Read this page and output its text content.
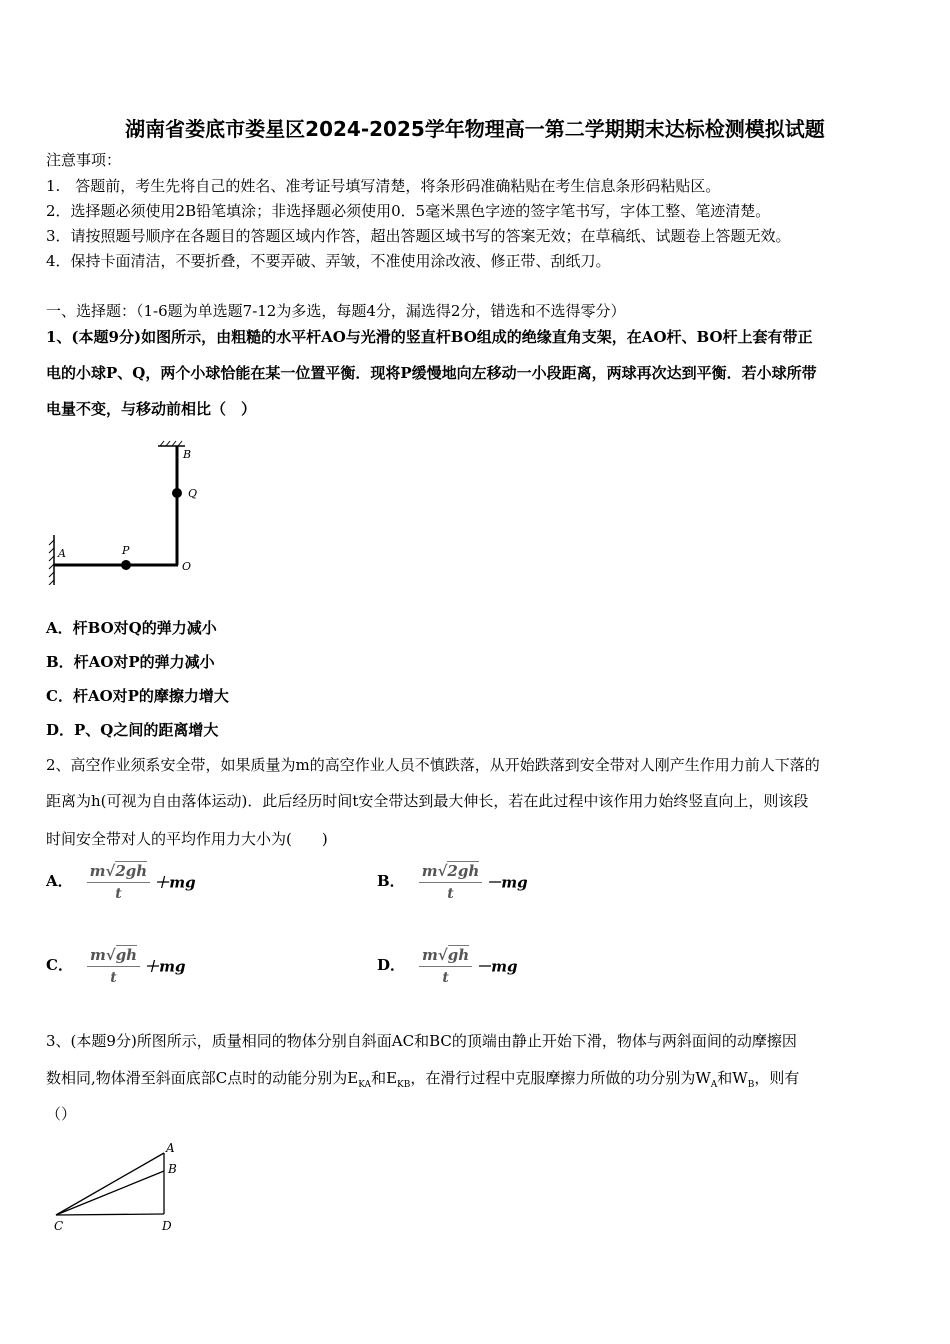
湖南省娄底市娄星区2024-2025学年物理高一第二学期期末达标检测模拟试题
注意事项：
1.　答题前，考生先将自己的姓名、准考证号填写清楚，将条形码准确粘贴在考生信息条形码粘贴区。
2．选择题必须使用2B铅笔填涂；非选择题必须使用0．5毫米黑色字迹的签字笔书写，字体工整、笔迹清楚。
3．请按照题号顺序在各题目的答题区域内作答，超出答题区域书写的答案无效；在草稿纸、试题卷上答题无效。
4．保持卡面清洁，不要折叠，不要弄破、弄皱，不准使用涂改液、修正带、刮纸刀。
一、选择题：（1-6题为单选题7-12为多选，每题4分，漏选得2分，错选和不选得零分）
1、(本题9分)如图所示，由粗糙的水平杆AO与光滑的竖直杆BO组成的绝缘直角支架，在AO杆、BO杆上套有带正
电的小球P、Q，两个小球恰能在某一位置平衡．现将P缓慢地向左移动一小段距离，两球再次达到平衡．若小球所带
电量不变，与移动前相比（　）
B
Q
A	P
O
A．杆BO对Q的弹力减小
B．杆AO对P的弹力减小
C．杆AO对P的摩擦力增大
D．P、Q之间的距离增大
2、高空作业须系安全带，如果质量为m的高空作业人员不慎跌落，从开始跌落到安全带对人刚产生作用力前人下落的
距离为h(可视为自由落体运动)．此后经历时间t安全带达到最大伸长，若在此过程中该作用力始终竖直向上，则该段
时间安全带对人的平均作用力大小为(　　)
A． $\frac{m√2gh}{t} +mg$	B． $\frac{m√2gh}{t} -mg$
C． $\frac{m√gh}{t} +mg$	D． $\frac{m√gh}{t} -mg$
3、(本题9分)所图所示，质量相同的物体分别自斜面AC和BC的顶端由静止开始下滑，物体与两斜面间的动摩擦因
数相同,物体滑至斜面底部C点时的动能分别为$E_{KA}$和$E_{KB}$，在滑行过程中克服摩擦力所做的功分别为$W_A$和$W_B$，则有
（）
A
B
C	D
